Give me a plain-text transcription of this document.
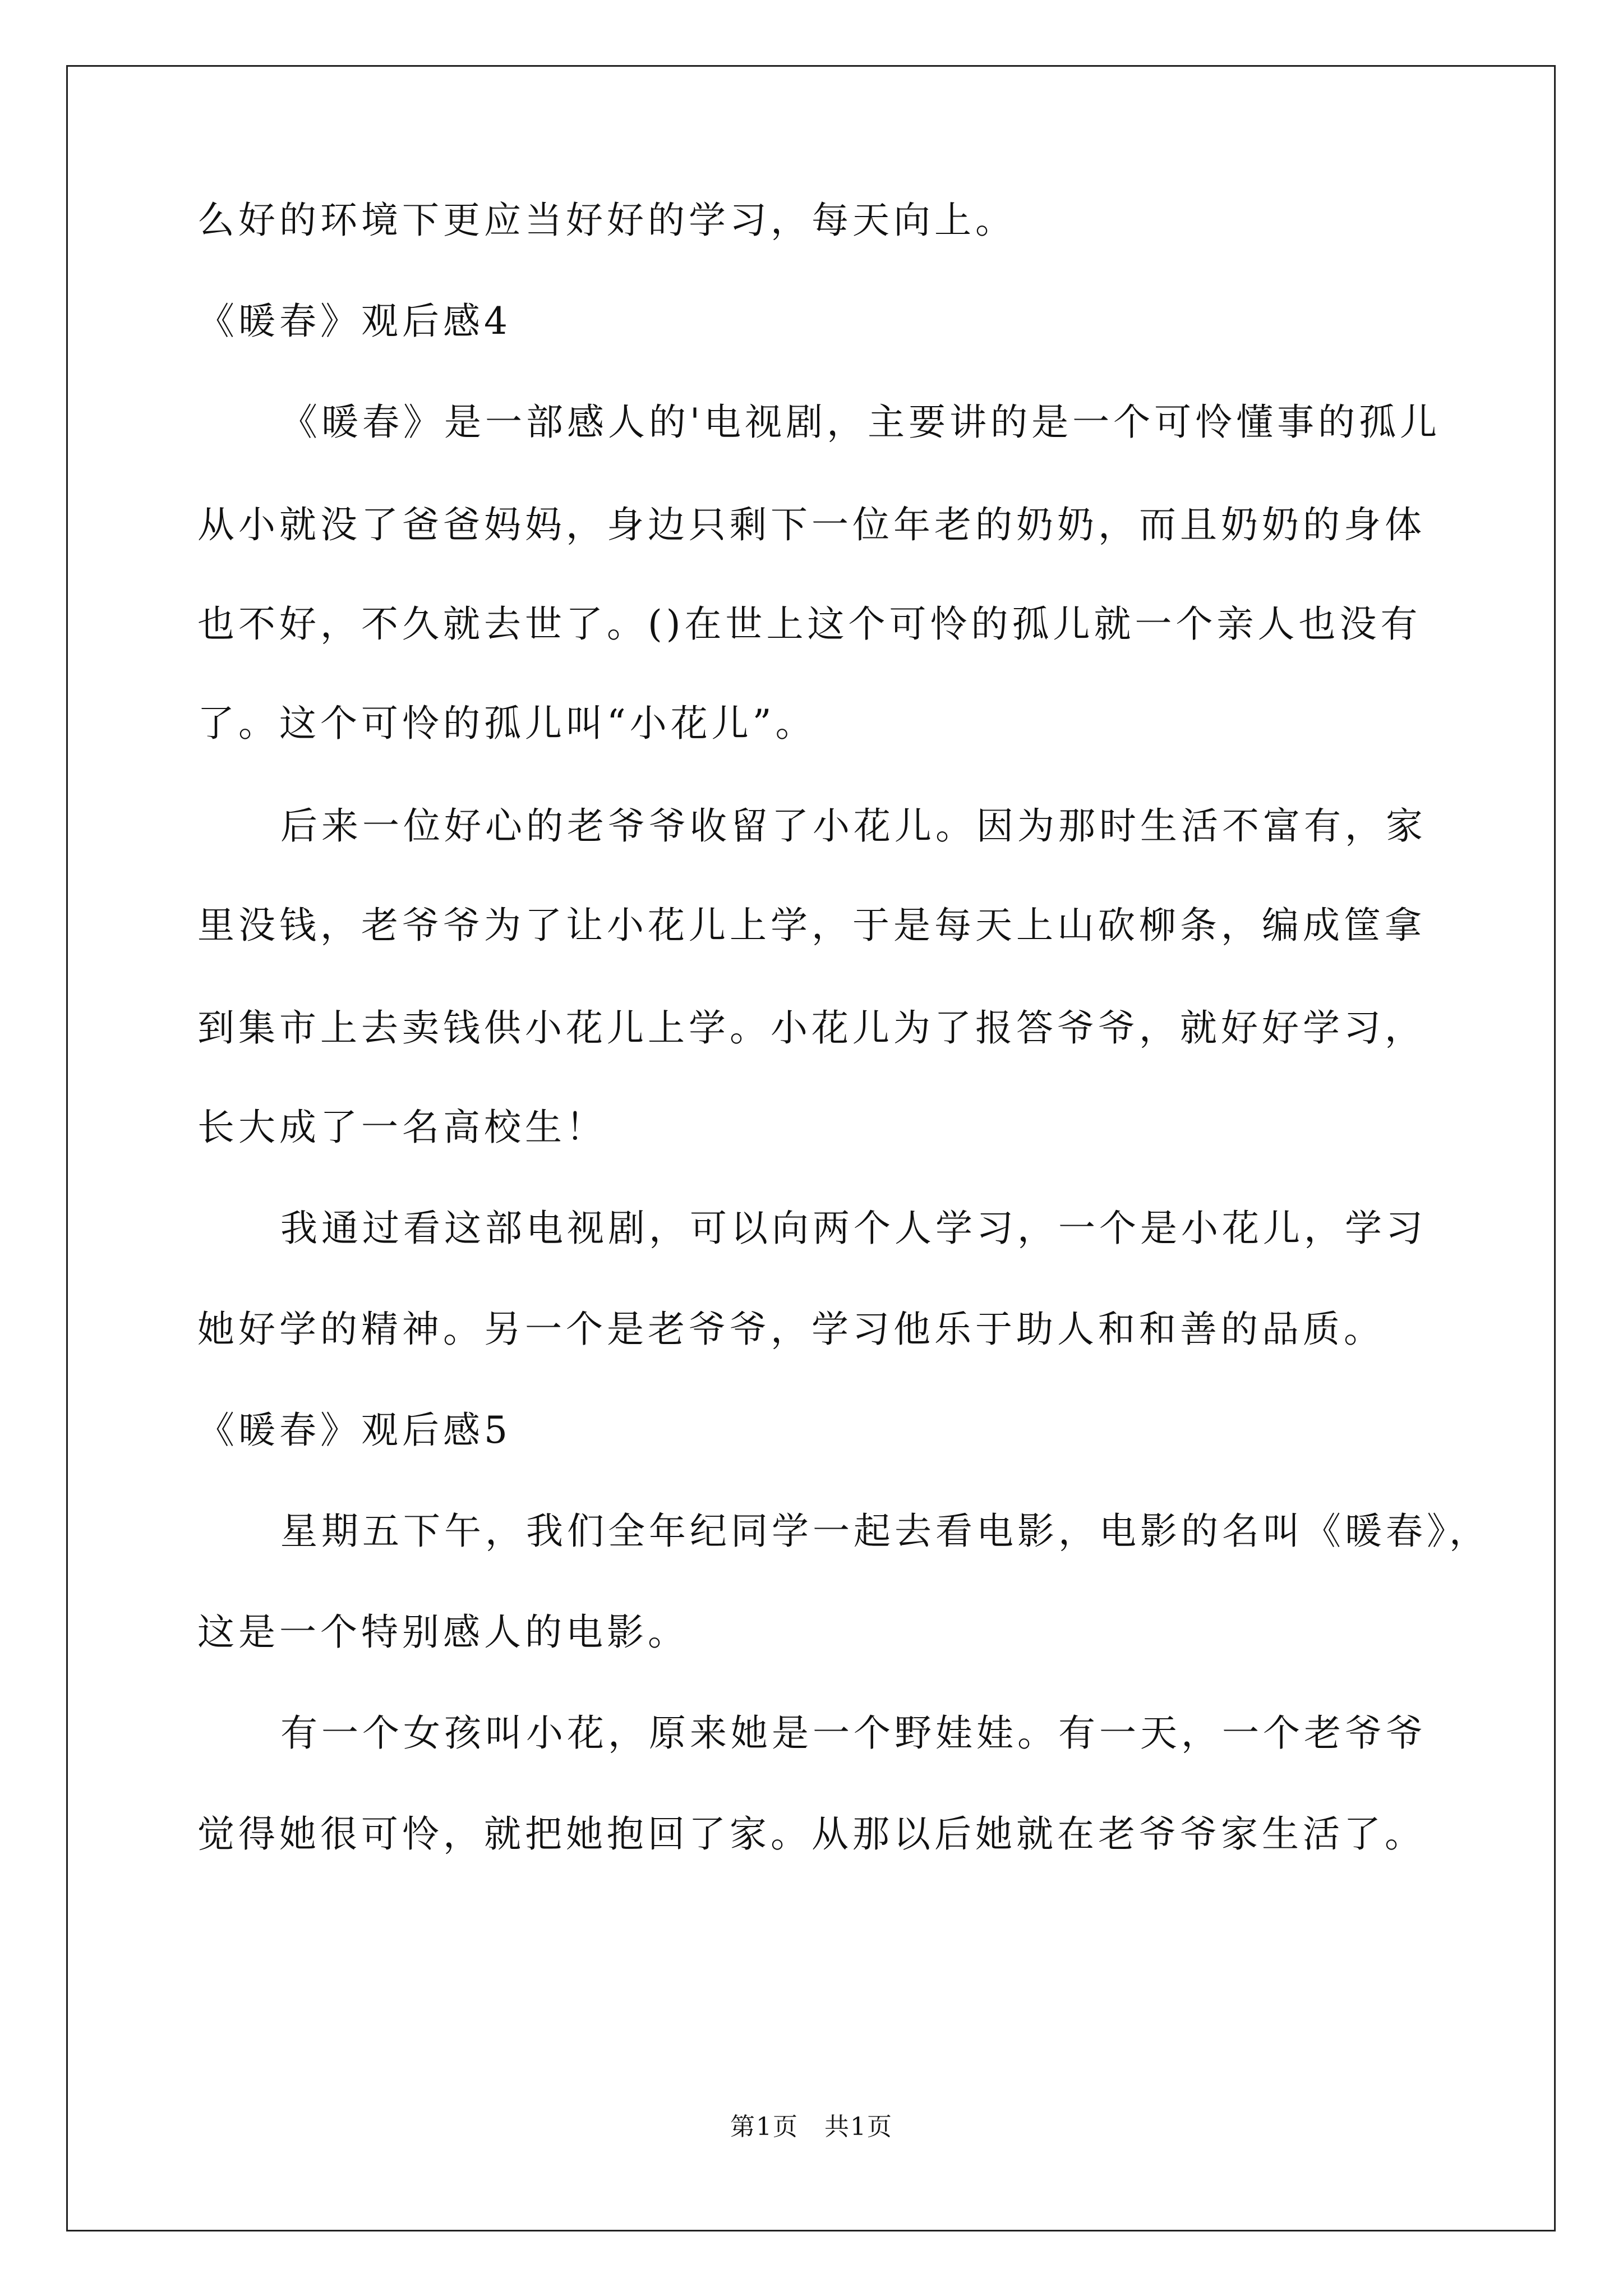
么好的环境下更应当好好的学习，每天向上。

《暖春》观后感4

《暖春》是一部感人的'电视剧，主要讲的是一个可怜懂事的孤儿

从小就没了爸爸妈妈，身边只剩下一位年老的奶奶，而且奶奶的身体

也不好，不久就去世了。()在世上这个可怜的孤儿就一个亲人也没有

了。这个可怜的孤儿叫“小花儿”。

后来一位好心的老爷爷收留了小花儿。因为那时生活不富有，家

里没钱，老爷爷为了让小花儿上学，于是每天上山砍柳条，编成筐拿

到集市上去卖钱供小花儿上学。小花儿为了报答爷爷，就好好学习，

长大成了一名高校生！

我通过看这部电视剧，可以向两个人学习，一个是小花儿，学习

她好学的精神。另一个是老爷爷，学习他乐于助人和和善的品质。

《暖春》观后感5

星期五下午，我们全年纪同学一起去看电影，电影的名叫《暖春》，

这是一个特别感人的电影。

有一个女孩叫小花，原来她是一个野娃娃。有一天，一个老爷爷

觉得她很可怜，就把她抱回了家。从那以后她就在老爷爷家生活了。

第1页　共1页
